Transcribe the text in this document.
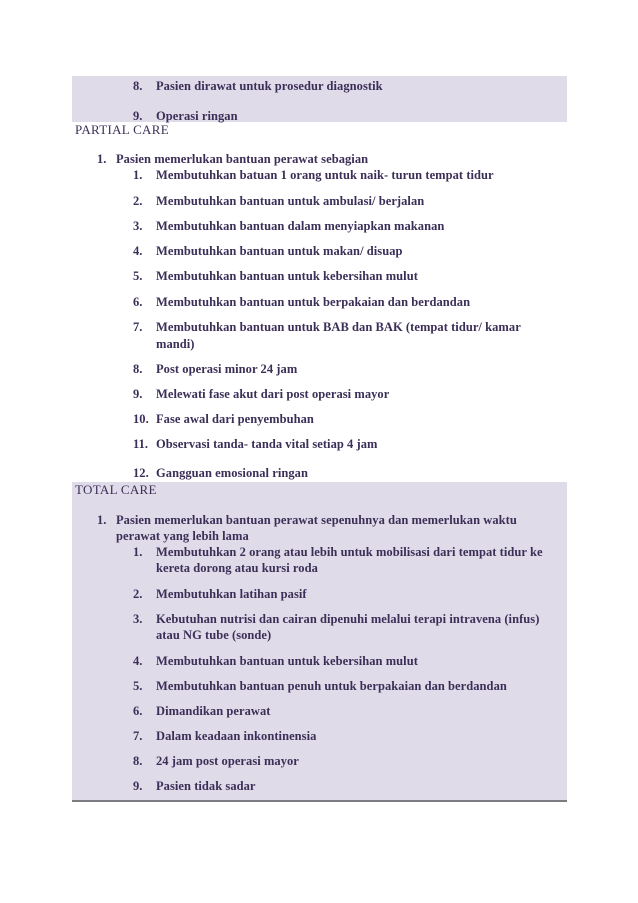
8. Pasien dirawat untuk prosedur diagnostik
9. Operasi ringan
PARTIAL CARE
1. Pasien memerlukan bantuan perawat sebagian
1. Membutuhkan batuan 1 orang untuk naik- turun tempat tidur
2. Membutuhkan bantuan untuk ambulasi/ berjalan
3. Membutuhkan bantuan dalam menyiapkan makanan
4. Membutuhkan bantuan untuk makan/ disuap
5. Membutuhkan bantuan untuk kebersihan mulut
6. Membutuhkan bantuan untuk berpakaian dan berdandan
7. Membutuhkan bantuan untuk BAB dan BAK (tempat tidur/ kamar
mandi)
8. Post operasi minor 24 jam
9. Melewati fase akut dari post operasi mayor
10. Fase awal dari penyembuhan
11. Observasi tanda- tanda vital setiap 4 jam
12. Gangguan emosional ringan
TOTAL CARE
1. Pasien memerlukan bantuan perawat sepenuhnya dan memerlukan waktu
perawat yang lebih lama
1. Membutuhkan 2 orang atau lebih untuk mobilisasi dari tempat tidur ke
kereta dorong atau kursi roda
2. Membutuhkan latihan pasif
3. Kebutuhan nutrisi dan cairan dipenuhi melalui terapi intravena (infus)
atau NG tube (sonde)
4. Membutuhkan bantuan untuk kebersihan mulut
5. Membutuhkan bantuan penuh untuk berpakaian dan berdandan
6. Dimandikan perawat
7. Dalam keadaan inkontinensia
8. 24 jam post operasi mayor
9. Pasien tidak sadar
